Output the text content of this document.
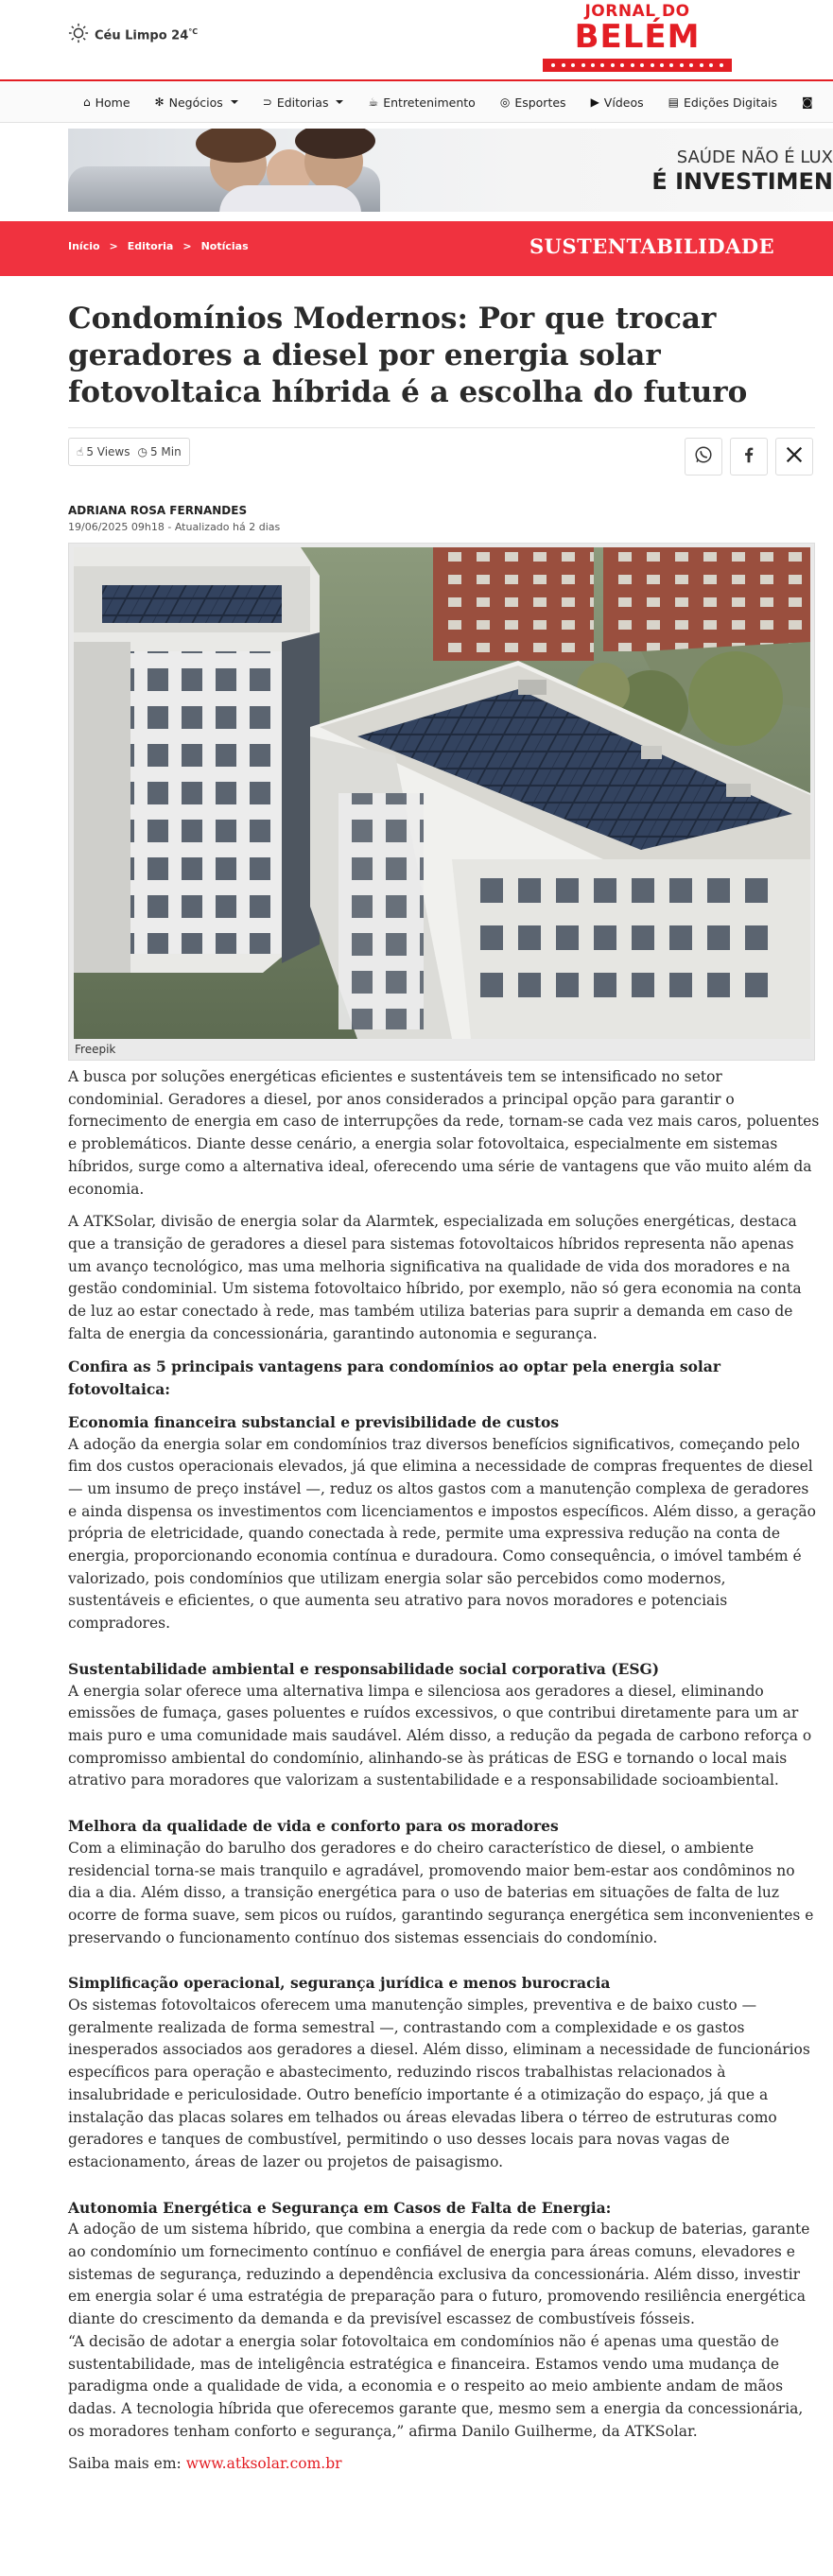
Céu Limpo $24^{^\circ C}$
JORNAL DO
BELÉM
⌂ Home ✻ Negócios	⊃ Editorias	☕ Entretenimento ◎ Esportes ▶ Vídeos ▤ Edições Digitais ◙
SAÚDE NÃO É LUX
É INVESTIMEN
Início > Editoria > Notícias	SUSTENTABILIDADE
Condomínios Modernos: Por que trocar geradores a diesel por energia solar fotovoltaica híbrida é a escolha do futuro
☝ 5 Views ◷ 5 Min
ADRIANA ROSA FERNANDES
19/06/2025 09h18 - Atualizado há 2 dias
Freepik

A busca por soluções energéticas eficientes e sustentáveis tem se intensificado no setor condominial. Geradores a diesel, por anos considerados a principal opção para garantir o fornecimento de energia em caso de interrupções da rede, tornam-se cada vez mais caros, poluentes e problemáticos. Diante desse cenário, a energia solar fotovoltaica, especialmente em sistemas híbridos, surge como a alternativa ideal, oferecendo uma série de vantagens que vão muito além da economia.

A ATKSolar, divisão de energia solar da Alarmtek, especializada em soluções energéticas, destaca que a transição de geradores a diesel para sistemas fotovoltaicos híbridos representa não apenas um avanço tecnológico, mas uma melhoria significativa na qualidade de vida dos moradores e na gestão condominial. Um sistema fotovoltaico híbrido, por exemplo, não só gera economia na conta de luz ao estar conectado à rede, mas também utiliza baterias para suprir a demanda em caso de falta de energia da concessionária, garantindo autonomia e segurança.

Confira as 5 principais vantagens para condomínios ao optar pela energia solar fotovoltaica:

Economia financeira substancial e previsibilidade de custos

A adoção da energia solar em condomínios traz diversos benefícios significativos, começando pelo fim dos custos operacionais elevados, já que elimina a necessidade de compras frequentes de diesel — um insumo de preço instável —, reduz os altos gastos com a manutenção complexa de geradores e ainda dispensa os investimentos com licenciamentos e impostos específicos. Além disso, a geração própria de eletricidade, quando conectada à rede, permite uma expressiva redução na conta de energia, proporcionando economia contínua e duradoura. Como consequência, o imóvel também é valorizado, pois condomínios que utilizam energia solar são percebidos como modernos, sustentáveis e eficientes, o que aumenta seu atrativo para novos moradores e potenciais compradores.

Sustentabilidade ambiental e responsabilidade social corporativa (ESG)

A energia solar oferece uma alternativa limpa e silenciosa aos geradores a diesel, eliminando emissões de fumaça, gases poluentes e ruídos excessivos, o que contribui diretamente para um ar mais puro e uma comunidade mais saudável. Além disso, a redução da pegada de carbono reforça o compromisso ambiental do condomínio, alinhando-se às práticas de ESG e tornando o local mais atrativo para moradores que valorizam a sustentabilidade e a responsabilidade socioambiental.

Melhora da qualidade de vida e conforto para os moradores

Com a eliminação do barulho dos geradores e do cheiro característico de diesel, o ambiente residencial torna-se mais tranquilo e agradável, promovendo maior bem-estar aos condôminos no dia a dia. Além disso, a transição energética para o uso de baterias em situações de falta de luz ocorre de forma suave, sem picos ou ruídos, garantindo segurança energética sem inconvenientes e preservando o funcionamento contínuo dos sistemas essenciais do condomínio.

Simplificação operacional, segurança jurídica e menos burocracia

Os sistemas fotovoltaicos oferecem uma manutenção simples, preventiva e de baixo custo — geralmente realizada de forma semestral —, contrastando com a complexidade e os gastos inesperados associados aos geradores a diesel. Além disso, eliminam a necessidade de funcionários específicos para operação e abastecimento, reduzindo riscos trabalhistas relacionados à insalubridade e periculosidade. Outro benefício importante é a otimização do espaço, já que a instalação das placas solares em telhados ou áreas elevadas libera o térreo de estruturas como geradores e tanques de combustível, permitindo o uso desses locais para novas vagas de estacionamento, áreas de lazer ou projetos de paisagismo.

Autonomia Energética e Segurança em Casos de Falta de Energia:

A adoção de um sistema híbrido, que combina a energia da rede com o backup de baterias, garante ao condomínio um fornecimento contínuo e confiável de energia para áreas comuns, elevadores e sistemas de segurança, reduzindo a dependência exclusiva da concessionária. Além disso, investir em energia solar é uma estratégia de preparação para o futuro, promovendo resiliência energética diante do crescimento da demanda e da previsível escassez de combustíveis fósseis.

“A decisão de adotar a energia solar fotovoltaica em condomínios não é apenas uma questão de sustentabilidade, mas de inteligência estratégica e financeira. Estamos vendo uma mudança de paradigma onde a qualidade de vida, a economia e o respeito ao meio ambiente andam de mãos dadas. A tecnologia híbrida que oferecemos garante que, mesmo sem a energia da concessionária, os moradores tenham conforto e segurança,” afirma Danilo Guilherme, da ATKSolar.

Saiba mais em: www.atksolar.com.br
